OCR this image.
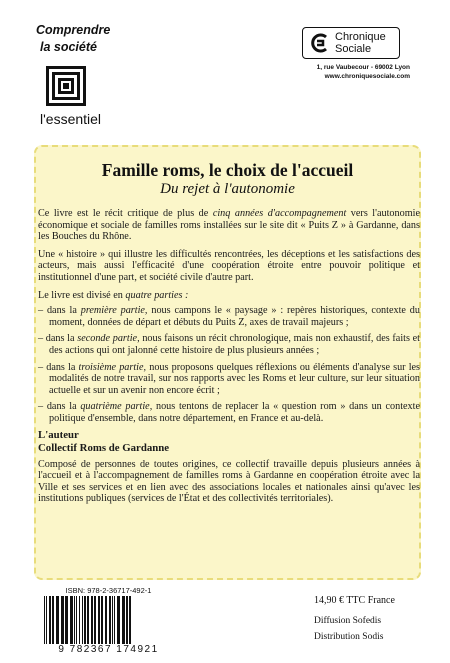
Comprendre
la société
l'essentiel
Chronique
Sociale
1, rue Vaubecour - 69002 Lyon
www.chroniquesociale.com
Famille roms, le choix de l'accueil
Du rejet à l'autonomie

Ce livre est le récit critique de plus de cinq années d'accompagnement vers l'autonomie économique et sociale de familles roms installées sur le site dit « Puits Z » à Gardanne, dans les Bouches du Rhône.

Une « histoire » qui illustre les difficultés rencontrées, les déceptions et les satisfactions des acteurs, mais aussi l'efficacité d'une coopération étroite entre pouvoir politique et institutionnel d'une part, et société civile d'autre part.

Le livre est divisé en quatre parties :

– dans la première partie, nous campons le « paysage » : repères historiques, contexte du moment, données de départ et débuts du Puits Z, axes de travail majeurs ;

– dans la seconde partie, nous faisons un récit chronologique, mais non exhaustif, des faits et des actions qui ont jalonné cette histoire de plus plusieurs années ;

– dans la troisième partie, nous proposons quelques réflexions ou éléments d'analyse sur les modalités de notre travail, sur nos rapports avec les Roms et leur culture, sur leur situation actuelle et sur un avenir non encore écrit ;

– dans la quatrième partie, nous tentons de replacer la « question rom » dans un contexte politique d'ensemble, dans notre département, en France et au-delà.

L'auteur

Collectif Roms de Gardanne

Composé de personnes de toutes origines, ce collectif travaille depuis plusieurs années à l'accueil et à l'accompagnement de familles roms à Gardanne en coopération étroite avec la Ville et ses services et en lien avec des associations locales et nationales ainsi qu'avec les institutions publiques (services de l'État et des collectivités territoriales).

ISBN: 978-2-36717-492-1
9 782367 174921
14,90 € TTC France
Diffusion Sofedis
Distribution Sodis
